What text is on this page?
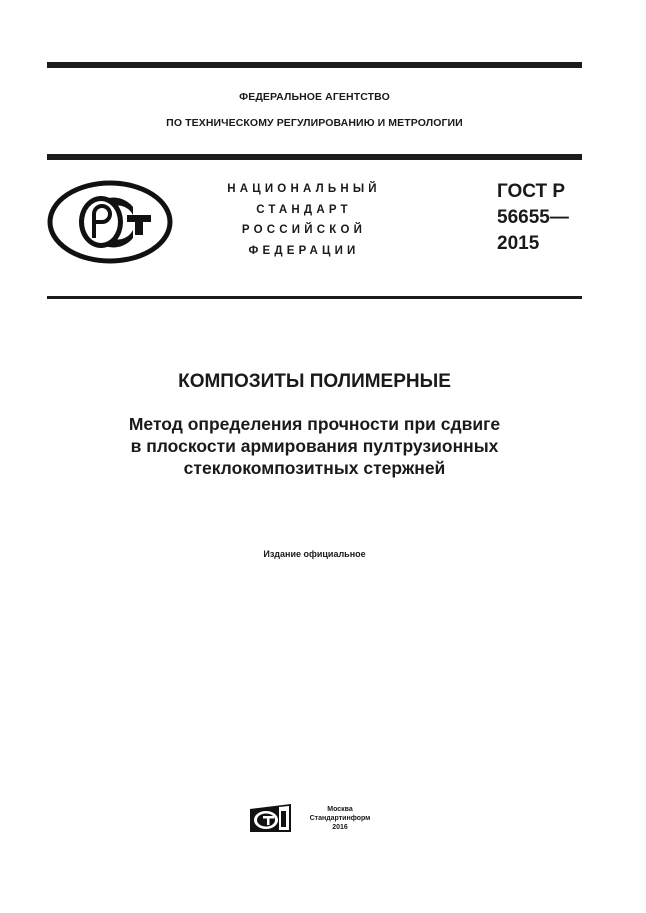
ФЕДЕРАЛЬНОЕ АГЕНТСТВО
ПО ТЕХНИЧЕСКОМУ РЕГУЛИРОВАНИЮ И МЕТРОЛОГИИ
НАЦИОНАЛЬНЫЙ
СТАНДАРТ
РОССИЙСКОЙ
ФЕДЕРАЦИИ
ГОСТ Р
56655—
2015
КОМПОЗИТЫ ПОЛИМЕРНЫЕ
Метод определения прочности при сдвиге
в плоскости армирования пултрузионных
стеклокомпозитных стержней
Издание официальное
Москва
Стандартинформ
2016
